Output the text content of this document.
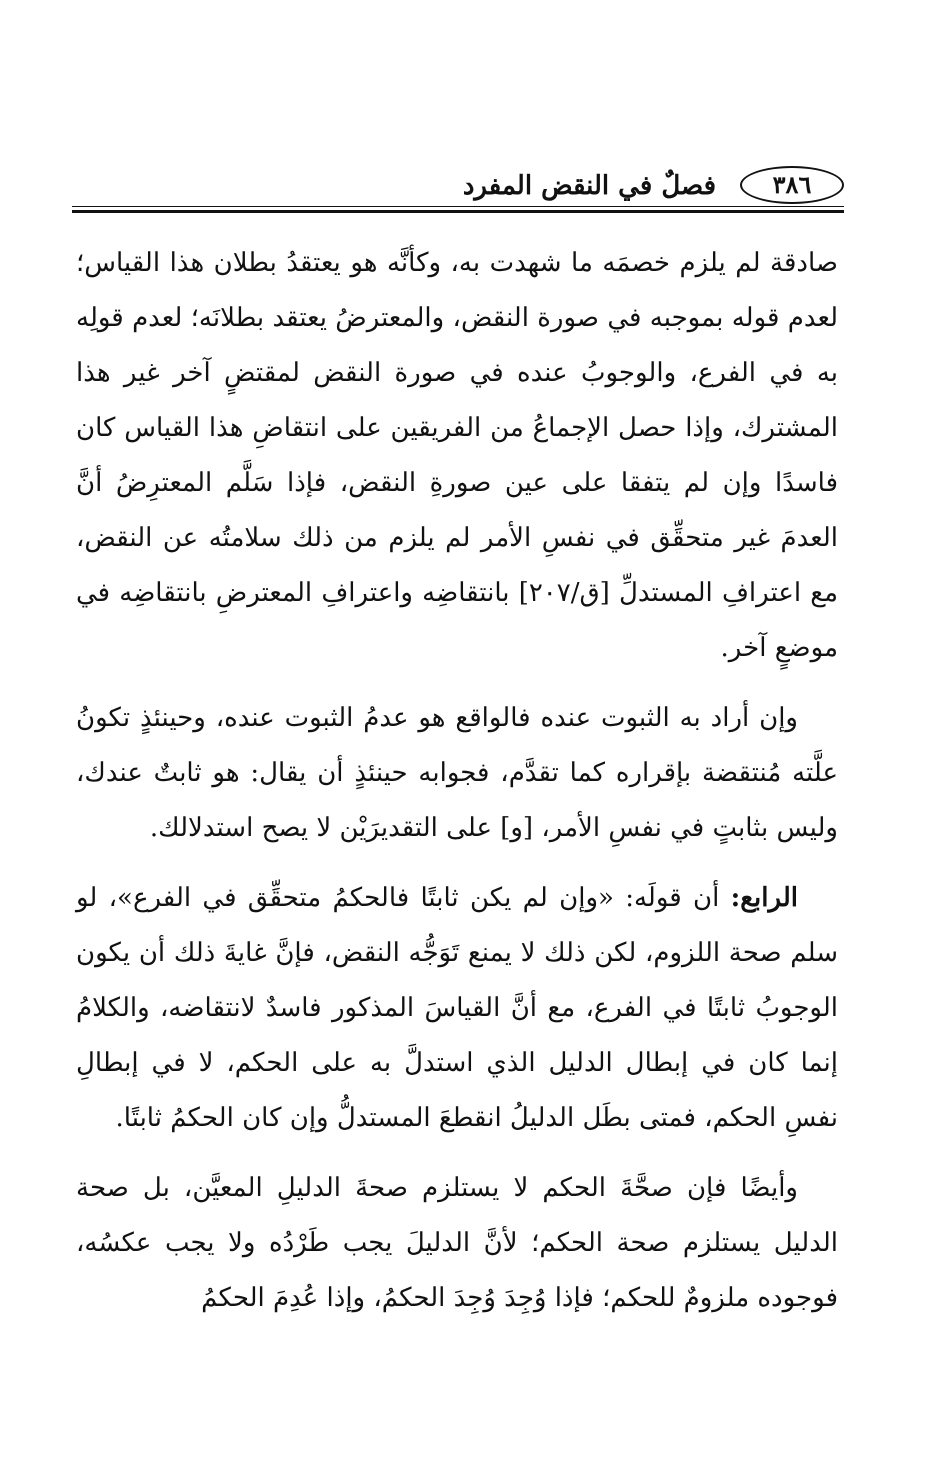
٣٨٦
فصلٌ في النقض المفرد

صادقة لم يلزم خصمَه ما شهدت به، وكأنَّه هو يعتقدُ بطلان هذا القياس؛ لعدم قوله بموجبه في صورة النقض، والمعترضُ يعتقد بطلانَه؛ لعدم قولِه به في الفرع، والوجوبُ عنده في صورة النقض لمقتضٍ آخر غير هذا المشترك، وإذا حصل الإجماعُ من الفريقين على انتقاضِ هذا القياس كان فاسدًا وإن لم يتفقا على عين صورةِ النقض، فإذا سَلَّم المعترِضُ أنَّ العدمَ غير متحقِّق في نفسِ الأمر لم يلزم من ذلك سلامتُه عن النقض، مع اعترافِ المستدلِّ [ق/٢٠٧] بانتقاضِه واعترافِ المعترضِ بانتقاضِه في موضعٍ آخر.

وإن أراد به الثبوت عنده فالواقع هو عدمُ الثبوت عنده، وحينئذٍ تكونُ علَّته مُنتقضة بإقراره كما تقدَّم، فجوابه حينئذٍ أن يقال: هو ثابتٌ عندك، وليس بثابتٍ في نفسِ الأمر، [و] على التقديرَيْن لا يصح استدلالك.

الرابع: أن قولَه: «وإن لم يكن ثابتًا فالحكمُ متحقِّق في الفرع»، لو سلم صحة اللزوم، لكن ذلك لا يمنع تَوَجُّه النقض، فإنَّ غايةَ ذلك أن يكون الوجوبُ ثابتًا في الفرع، مع أنَّ القياسَ المذكور فاسدٌ لانتقاضه، والكلامُ إنما كان في إبطال الدليل الذي استدلَّ به على الحكم، لا في إبطالِ نفسِ الحكم، فمتى بطَل الدليلُ انقطعَ المستدلُّ وإن كان الحكمُ ثابتًا.

وأيضًا فإن صحَّةَ الحكم لا يستلزم صحةَ الدليلِ المعيَّن، بل صحة الدليل يستلزم صحة الحكم؛ لأنَّ الدليلَ يجب طَرْدُه ولا يجب عكسُه، فوجوده ملزومٌ للحكم؛ فإذا وُجِدَ وُجِدَ الحكمُ، وإذا عُدِمَ الحكمُ
